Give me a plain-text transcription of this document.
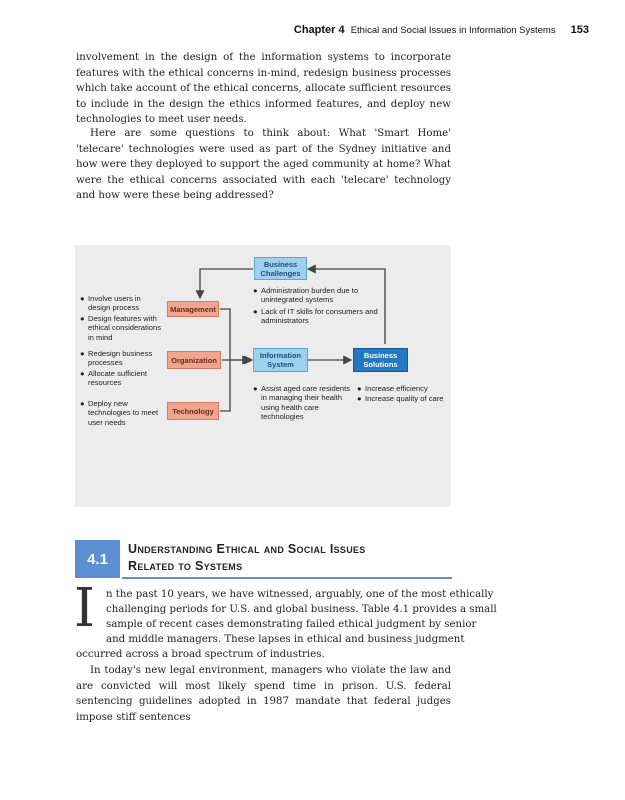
Chapter 4 Ethical and Social Issues in Information Systems 153

involvement in the design of the information systems to incorporate features with the ethical concerns in-mind, redesign business processes which take account of the ethical concerns, allocate sufficient resources to include in the design the ethics informed features, and deploy new technologies to meet user needs.

Here are some questions to think about: What 'Smart Home' 'telecare' technologies were used as part of the Sydney initiative and how were they deployed to support the aged community at home? What were the ethical concerns associated with each 'telecare' technology and how were these being addressed?

Business Challenges
Management
Organization
Technology
Information System
Business Solutions
● Administration burden due to unintegrated systems
● Lack of IT skills for consumers and administrators
● Involve users in design process
● Design features with ethical considerations in mind
● Redesign business processes
● Allocate sufficient resources
● Deploy new technologies to meet user needs
● Assist aged care residents in managing their health using health care technologies
● Increase efficiency
● Increase quality of care
4.1
Understanding Ethical and Social Issues
Related to Systems
I n the past 10 years, we have witnessed, arguably, one of the most ethically
challenging periods for U.S. and global business. Table 4.1 provides a small
sample of recent cases demonstrating failed ethical judgment by senior
and middle managers. These lapses in ethical and business judgment
occurred across a broad spectrum of industries.

In today's new legal environment, managers who violate the law and are convicted will most likely spend time in prison. U.S. federal sentencing guidelines adopted in 1987 mandate that federal judges impose stiff sentences
